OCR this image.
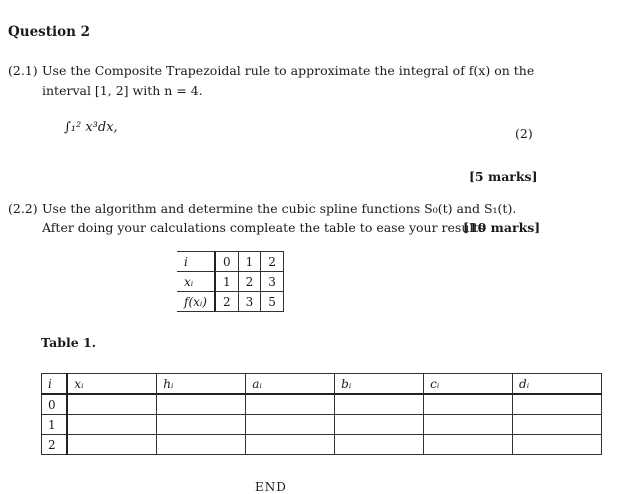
Question 2
(2.1) Use the Composite Trapezoidal rule to approximate the integral of f(x) on the
interval [1, 2] with n = 4.
∫₁² x³dx,	(2)
[5 marks]
(2.2) Use the algorithm and determine the cubic spline functions S₀(t) and S₁(t).
After doing your calculations compleate the table to ease your results
[10 marks]
i	0	1	2
xᵢ	1	2	3
f(xᵢ)	2	3	5
Table 1.
i	xᵢ	hᵢ	aᵢ	bᵢ	cᵢ	dᵢ
0						
1						
2						
END
